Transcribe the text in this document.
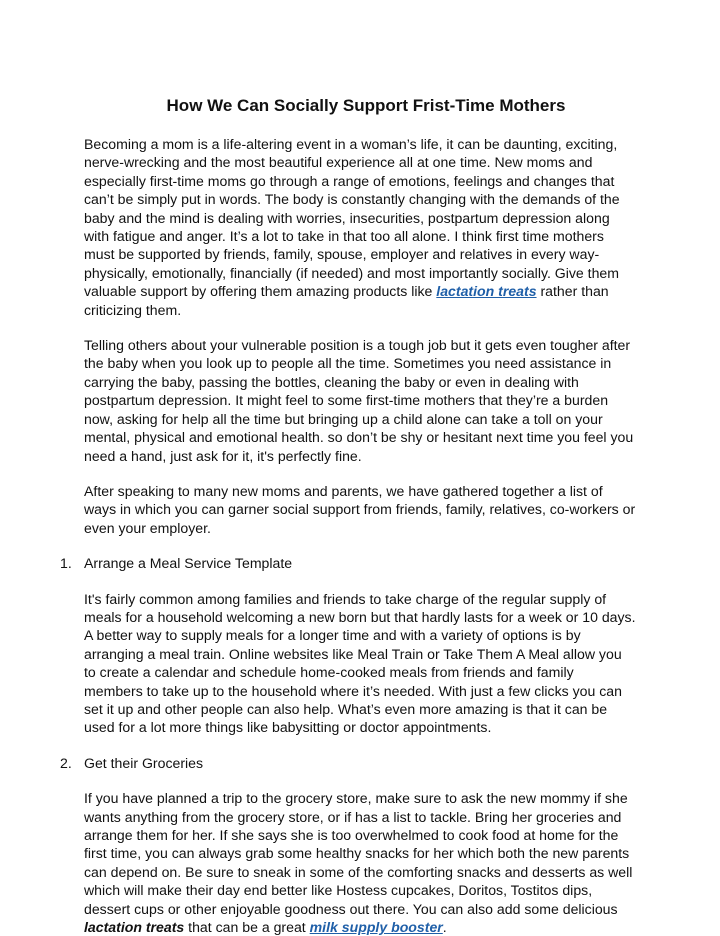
How We Can Socially Support Frist-Time Mothers

Becoming a mom is a life-altering event in a woman’s life, it can be daunting, exciting, nerve-wrecking and the most beautiful experience all at one time. New moms and especially first-time moms go through a range of emotions, feelings and changes that can’t be simply put in words. The body is constantly changing with the demands of the baby and the mind is dealing with worries, insecurities, postpartum depression along with fatigue and anger. It’s a lot to take in that too all alone. I think first time mothers must be supported by friends, family, spouse, employer and relatives in every way- physically, emotionally, financially (if needed) and most importantly socially. Give them valuable support by offering them amazing products like lactation treats rather than criticizing them.

Telling others about your vulnerable position is a tough job but it gets even tougher after the baby when you look up to people all the time. Sometimes you need assistance in carrying the baby, passing the bottles, cleaning the baby or even in dealing with postpartum depression. It might feel to some first-time mothers that they’re a burden now, asking for help all the time but bringing up a child alone can take a toll on your mental, physical and emotional health. so don’t be shy or hesitant next time you feel you need a hand, just ask for it, it's perfectly fine.

After speaking to many new moms and parents, we have gathered together a list of ways in which you can garner social support from friends, family, relatives, co-workers or even your employer.

1. Arrange a Meal Service Template

It's fairly common among families and friends to take charge of the regular supply of meals for a household welcoming a new born but that hardly lasts for a week or 10 days. A better way to supply meals for a longer time and with a variety of options is by arranging a meal train. Online websites like Meal Train or Take Them A Meal allow you to create a calendar and schedule home-cooked meals from friends and family members to take up to the household where it’s needed. With just a few clicks you can set it up and other people can also help. What’s even more amazing is that it can be used for a lot more things like babysitting or doctor appointments.

2. Get their Groceries

If you have planned a trip to the grocery store, make sure to ask the new mommy if she wants anything from the grocery store, or if has a list to tackle. Bring her groceries and arrange them for her. If she says she is too overwhelmed to cook food at home for the first time, you can always grab some healthy snacks for her which both the new parents can depend on. Be sure to sneak in some of the comforting snacks and desserts as well which will make their day end better like Hostess cupcakes, Doritos, Tostitos dips, dessert cups or other enjoyable goodness out there. You can also add some delicious lactation treats that can be a great milk supply booster.
